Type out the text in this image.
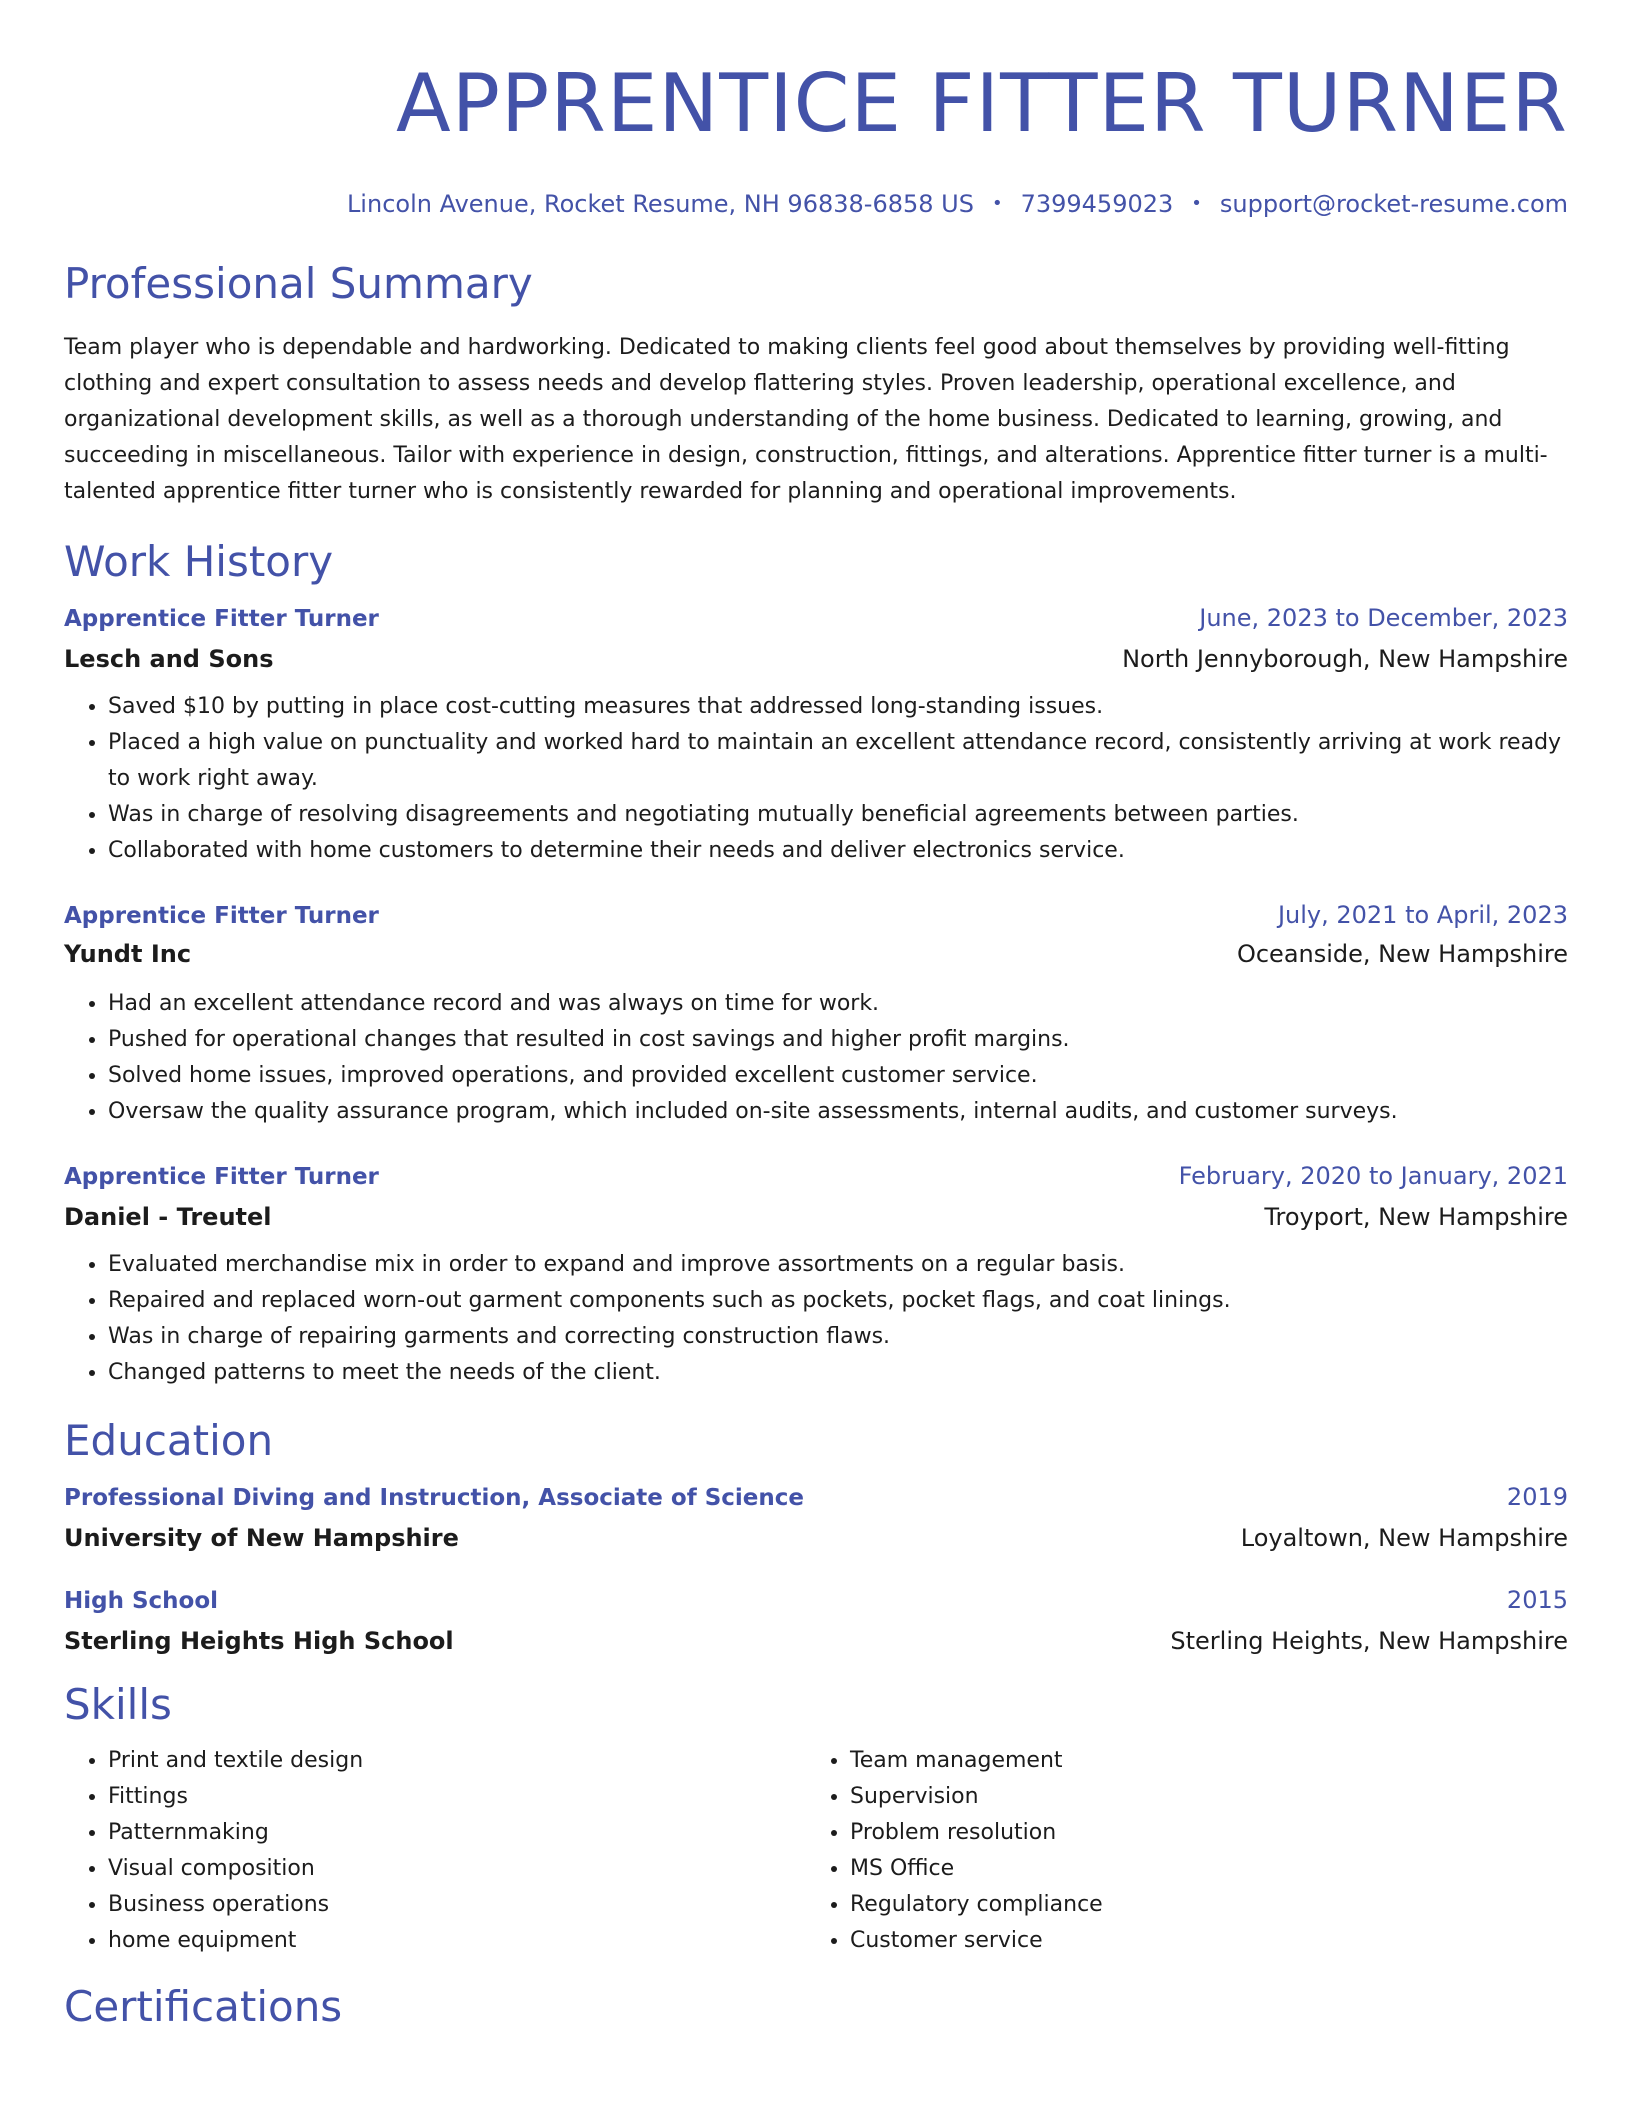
APPRENTICE FITTER TURNER
Lincoln Avenue, Rocket Resume, NH 96838-6858 US • 7399459023 • support@rocket-resume.com
Professional Summary

Team player who is dependable and hardworking. Dedicated to making clients feel good about themselves by providing well-fitting clothing and expert consultation to assess needs and develop flattering styles. Proven leadership, operational excellence, and organizational development skills, as well as a thorough understanding of the home business. Dedicated to learning, growing, and succeeding in miscellaneous. Tailor with experience in design, construction, fittings, and alterations. Apprentice fitter turner is a multi-talented apprentice fitter turner who is consistently rewarded for planning and operational improvements.

Work History
Apprentice Fitter Turner	June, 2023 to December, 2023
Lesch and Sons	North Jennyborough, New Hampshire
• Saved $10 by putting in place cost-cutting measures that addressed long-standing issues.
• Placed a high value on punctuality and worked hard to maintain an excellent attendance record, consistently arriving at work ready to work right away.
• Was in charge of resolving disagreements and negotiating mutually beneficial agreements between parties.
• Collaborated with home customers to determine their needs and deliver electronics service.
Apprentice Fitter Turner	July, 2021 to April, 2023
Yundt Inc	Oceanside, New Hampshire
• Had an excellent attendance record and was always on time for work.
• Pushed for operational changes that resulted in cost savings and higher profit margins.
• Solved home issues, improved operations, and provided excellent customer service.
• Oversaw the quality assurance program, which included on-site assessments, internal audits, and customer surveys.
Apprentice Fitter Turner	February, 2020 to January, 2021
Daniel - Treutel	Troyport, New Hampshire
• Evaluated merchandise mix in order to expand and improve assortments on a regular basis.
• Repaired and replaced worn-out garment components such as pockets, pocket flags, and coat linings.
• Was in charge of repairing garments and correcting construction flaws.
• Changed patterns to meet the needs of the client.
Education
Professional Diving and Instruction, Associate of Science	2019
University of New Hampshire	Loyaltown, New Hampshire
High School	2015
Sterling Heights High School	Sterling Heights, New Hampshire
Skills
• Print and textile design
• Fittings
• Patternmaking
• Visual composition
• Business operations
• home equipment
• Team management
• Supervision
• Problem resolution
• MS Office
• Regulatory compliance
• Customer service
Certifications
